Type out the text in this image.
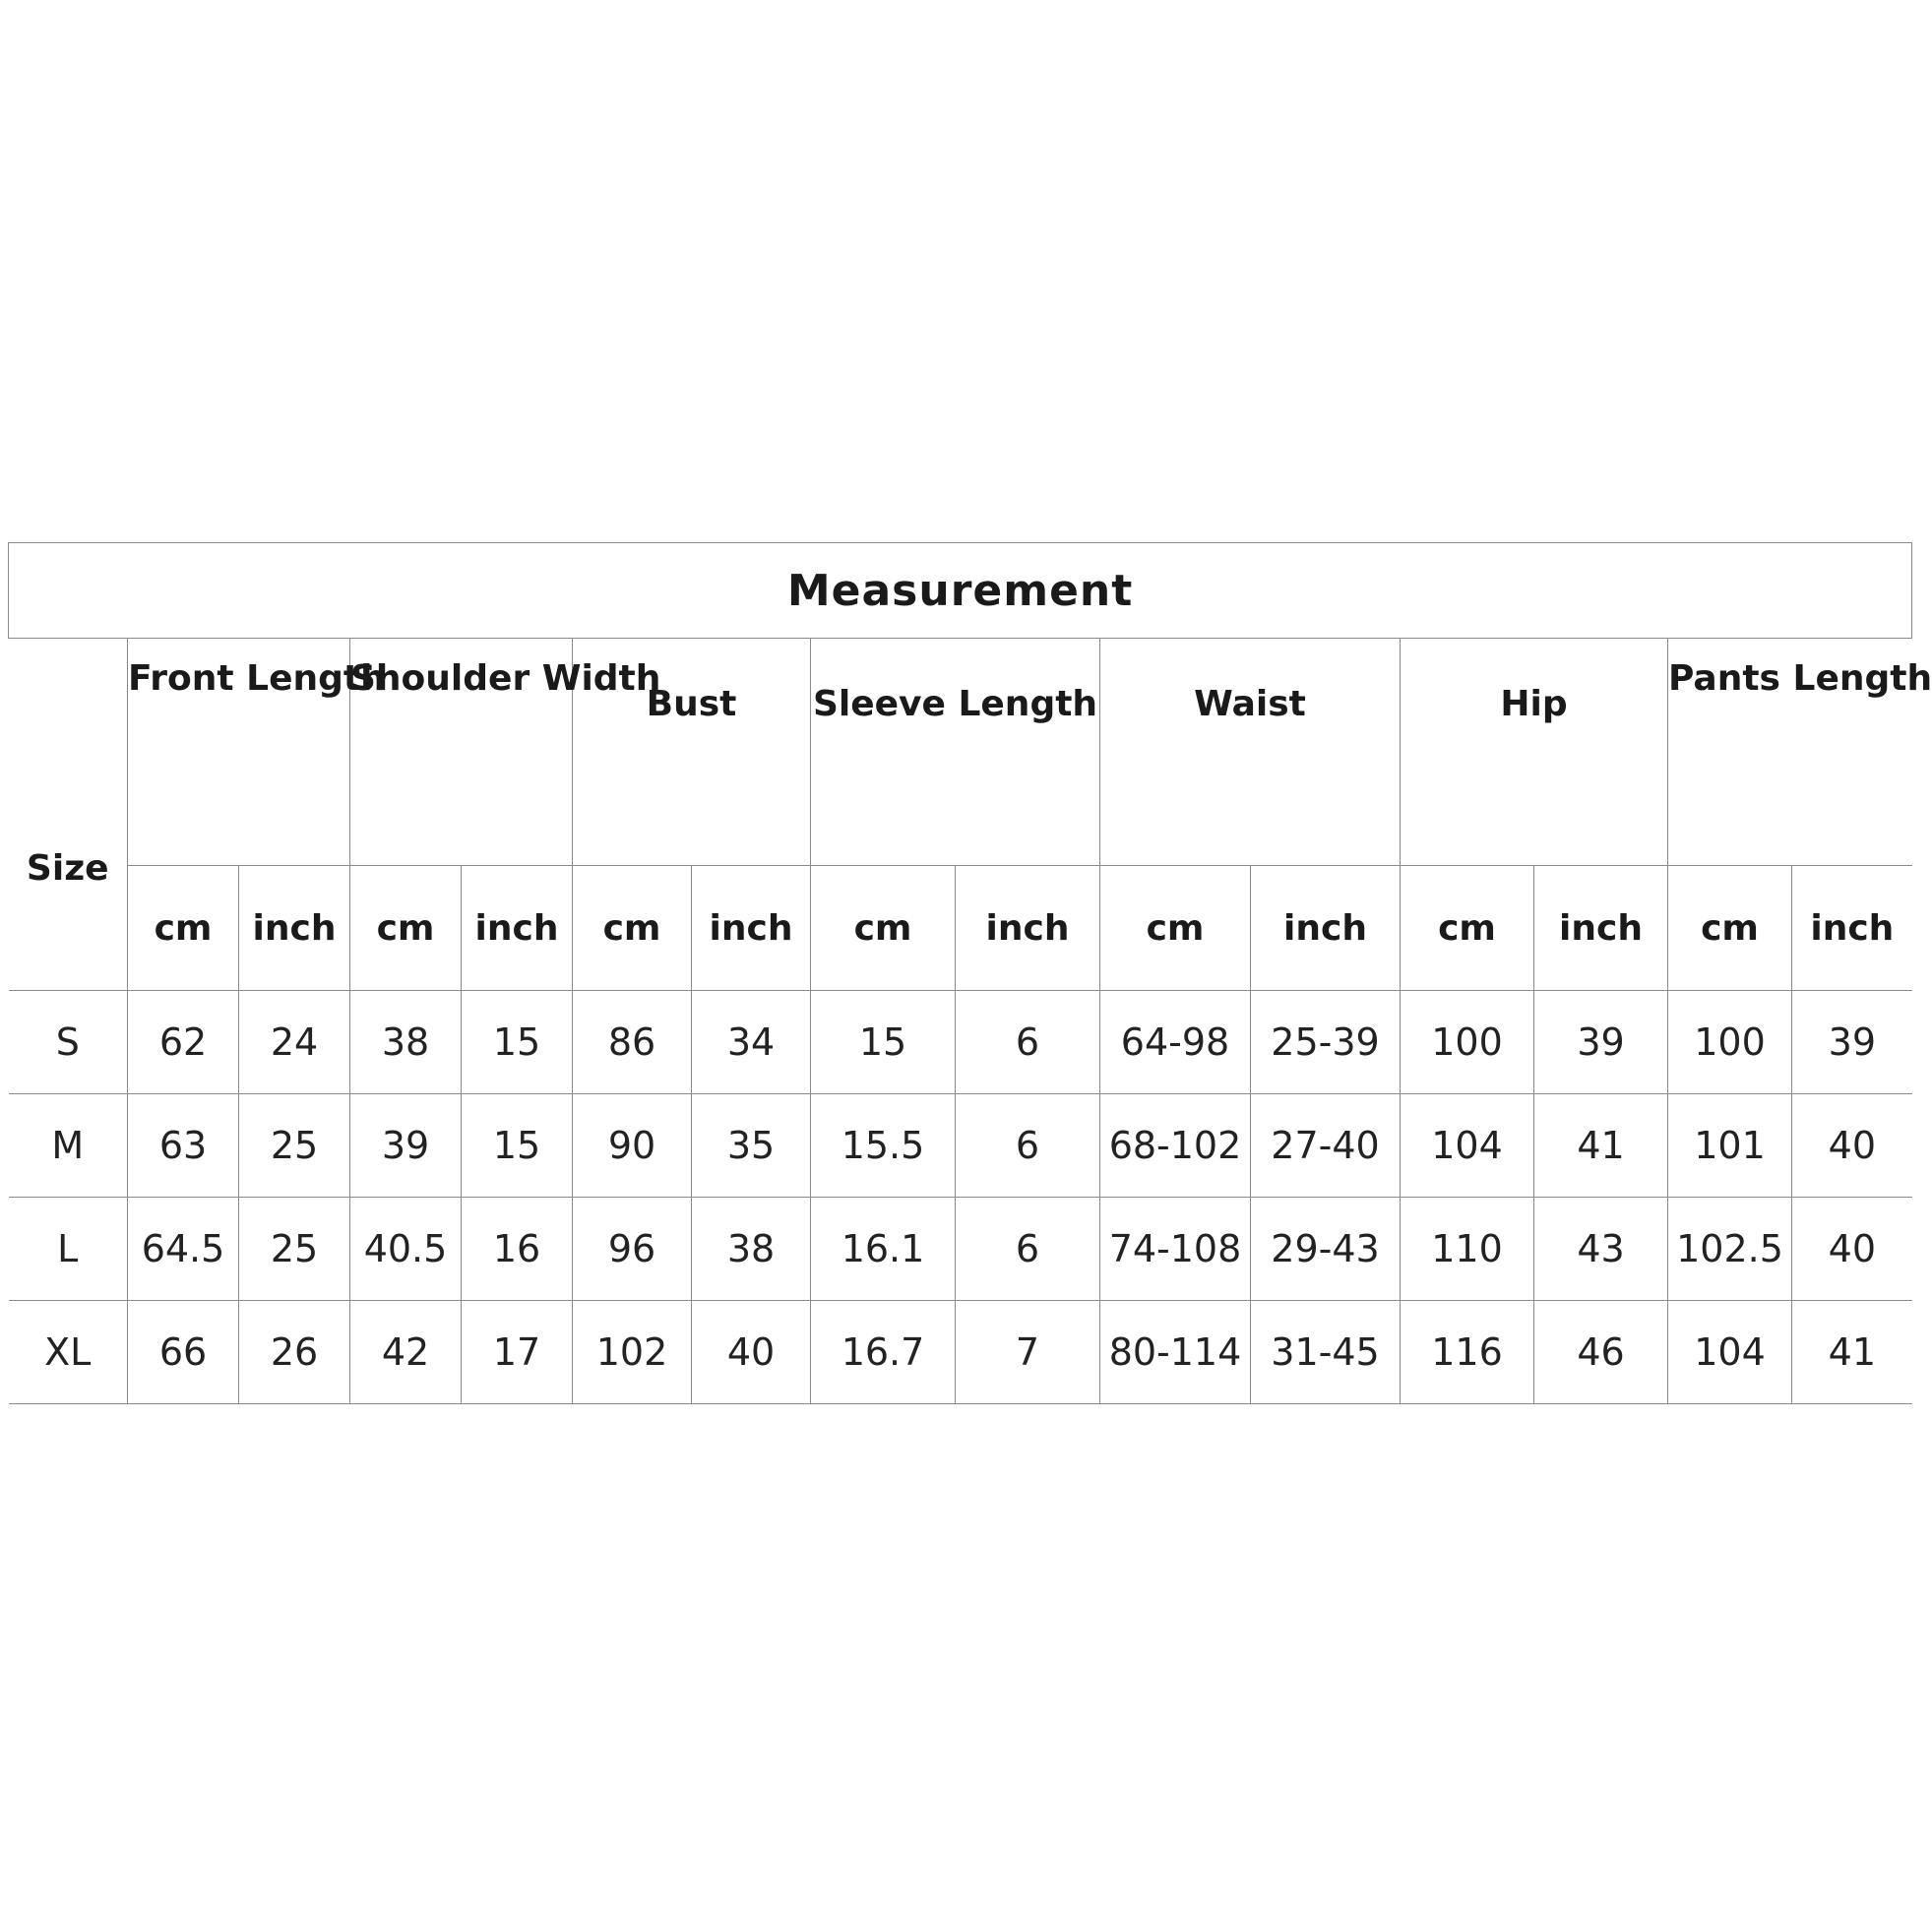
Measurement														
Size	Front Length		Shoulder Width		Bust		Sleeve Length		Waist		Hip		Pants Length	
	cm	inch	cm	inch	cm	inch	cm	inch	cm	inch	cm	inch	cm	inch
S	62	24	38	15	86	34	15	6	64-98	25-39	100	39	100	39
M	63	25	39	15	90	35	15.5	6	68-102	27-40	104	41	101	40
L	64.5	25	40.5	16	96	38	16.1	6	74-108	29-43	110	43	102.5	40
XL	66	26	42	17	102	40	16.7	7	80-114	31-45	116	46	104	41
